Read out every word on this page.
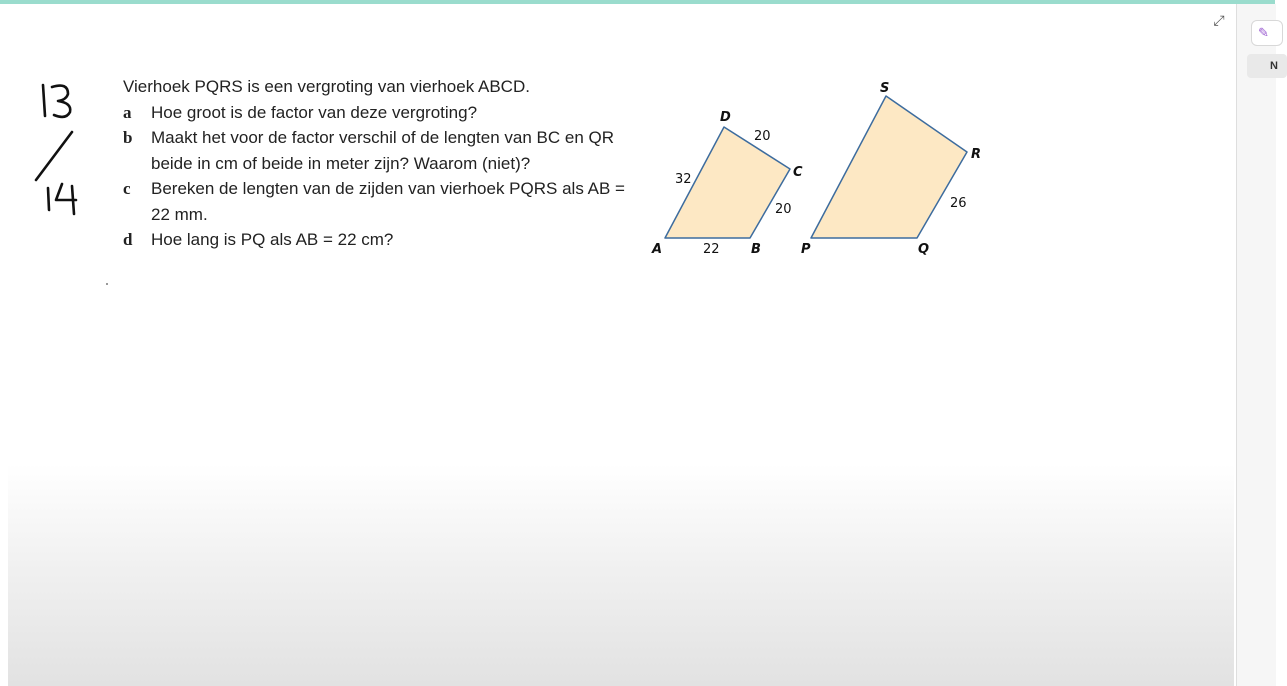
⤢
✎
N
Vierhoek PQRS is een vergroting van vierhoek ABCD.
a Hoe groot is de factor van deze vergroting?
b Maakt het voor de factor verschil of de lengten van BC en QR beide in cm of beide in meter zijn? Waarom (niet)?
c Bereken de lengten van de zijden van vierhoek PQRS als AB = 22 mm.
d Hoe lang is PQ als AB = 22 cm?
A	B
C
D
22
20
20
32
P	Q
R
S
26
